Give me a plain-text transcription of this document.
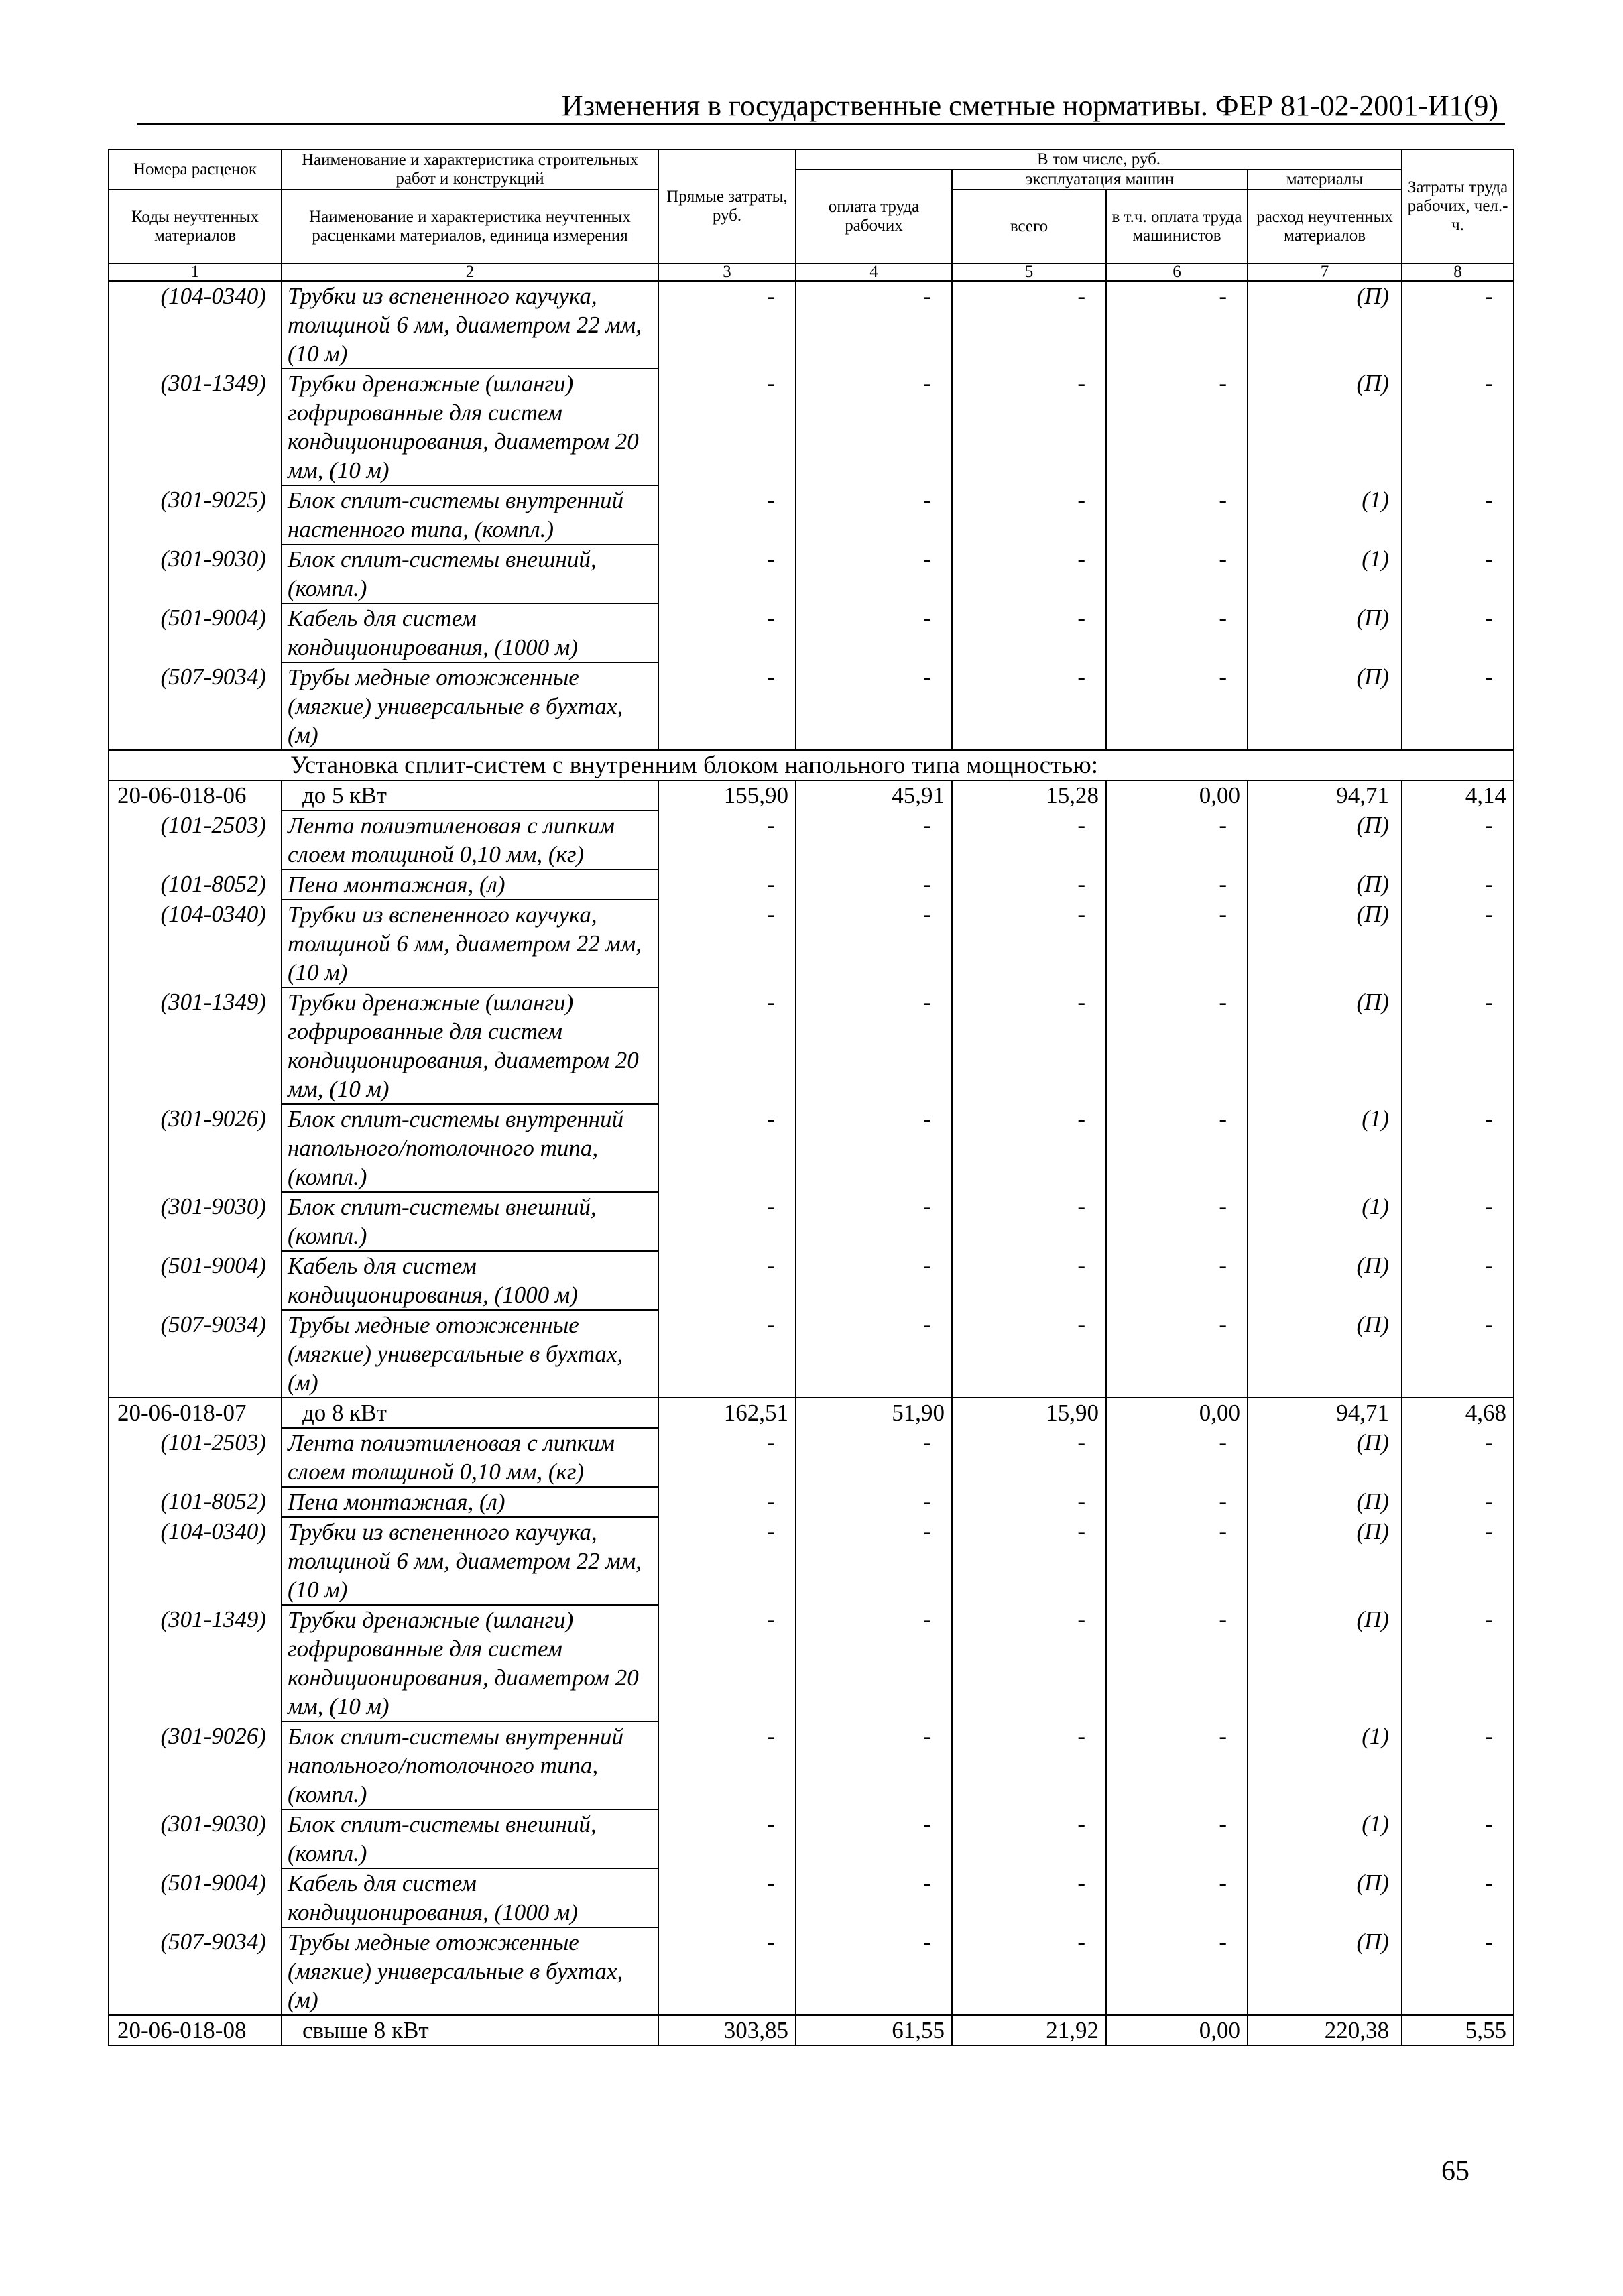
Изменения в государственные сметные нормативы. ФЕР 81-02-2001-И1(9)
Номера расценок	Наименование и характеристика строительных работ и конструкций	Прямые затраты, руб.	В том числе, руб.				Затраты труда рабочих, чел.-ч.
			оплата труда рабочих	эксплуатация машин		материалы	
Коды неучтенных материалов	Наименование и характеристика неучтенных расценками материалов, единица измерения			всего	в т.ч. оплата труда машинистов	расход неучтенных материалов	

1	2	3	4	5	6	7	8
(104-0340)	Трубки из вспененного каучука, толщиной 6 мм, диаметром 22 мм, (10 м)	-	-	-	-	(П)	-
(301-1349)	Трубки дренажные (шланги) гофрированные для систем кондиционирования, диаметром 20 мм, (10 м)	-	-	-	-	(П)	-
(301-9025)	Блок сплит-системы внутренний настенного типа, (компл.)	-	-	-	-	(1)	-
(301-9030)	Блок сплит-системы внешний, (компл.)	-	-	-	-	(1)	-
(501-9004)	Кабель для систем кондиционирования, (1000 м)	-	-	-	-	(П)	-
(507-9034)	Трубы медные отожженные (мягкие) универсальные в бухтах, (м)	-	-	-	-	(П)	-
Установка сплит-систем с внутренним блоком напольного типа мощностью:							
20-06-018-06	до 5 кВт	155,90	45,91	15,28	0,00	94,71	4,14
(101-2503)	Лента полиэтиленовая с липким слоем толщиной 0,10 мм, (кг)	-	-	-	-	(П)	-
(101-8052)	Пена монтажная, (л)	-	-	-	-	(П)	-
(104-0340)	Трубки из вспененного каучука, толщиной 6 мм, диаметром 22 мм, (10 м)	-	-	-	-	(П)	-
(301-1349)	Трубки дренажные (шланги) гофрированные для систем кондиционирования, диаметром 20 мм, (10 м)	-	-	-	-	(П)	-
(301-9026)	Блок сплит-системы внутренний напольного/потолочного типа, (компл.)	-	-	-	-	(1)	-
(301-9030)	Блок сплит-системы внешний, (компл.)	-	-	-	-	(1)	-
(501-9004)	Кабель для систем кондиционирования, (1000 м)	-	-	-	-	(П)	-
(507-9034)	Трубы медные отожженные (мягкие) универсальные в бухтах, (м)	-	-	-	-	(П)	-
20-06-018-07	до 8 кВт	162,51	51,90	15,90	0,00	94,71	4,68
(101-2503)	Лента полиэтиленовая с липким слоем толщиной 0,10 мм, (кг)	-	-	-	-	(П)	-
(101-8052)	Пена монтажная, (л)	-	-	-	-	(П)	-
(104-0340)	Трубки из вспененного каучука, толщиной 6 мм, диаметром 22 мм, (10 м)	-	-	-	-	(П)	-
(301-1349)	Трубки дренажные (шланги) гофрированные для систем кондиционирования, диаметром 20 мм, (10 м)	-	-	-	-	(П)	-
(301-9026)	Блок сплит-системы внутренний напольного/потолочного типа, (компл.)	-	-	-	-	(1)	-
(301-9030)	Блок сплит-системы внешний, (компл.)	-	-	-	-	(1)	-
(501-9004)	Кабель для систем кондиционирования, (1000 м)	-	-	-	-	(П)	-
(507-9034)	Трубы медные отожженные (мягкие) универсальные в бухтах, (м)	-	-	-	-	(П)	-
20-06-018-08	свыше 8 кВт	303,85	61,55	21,92	0,00	220,38	5,55
65
